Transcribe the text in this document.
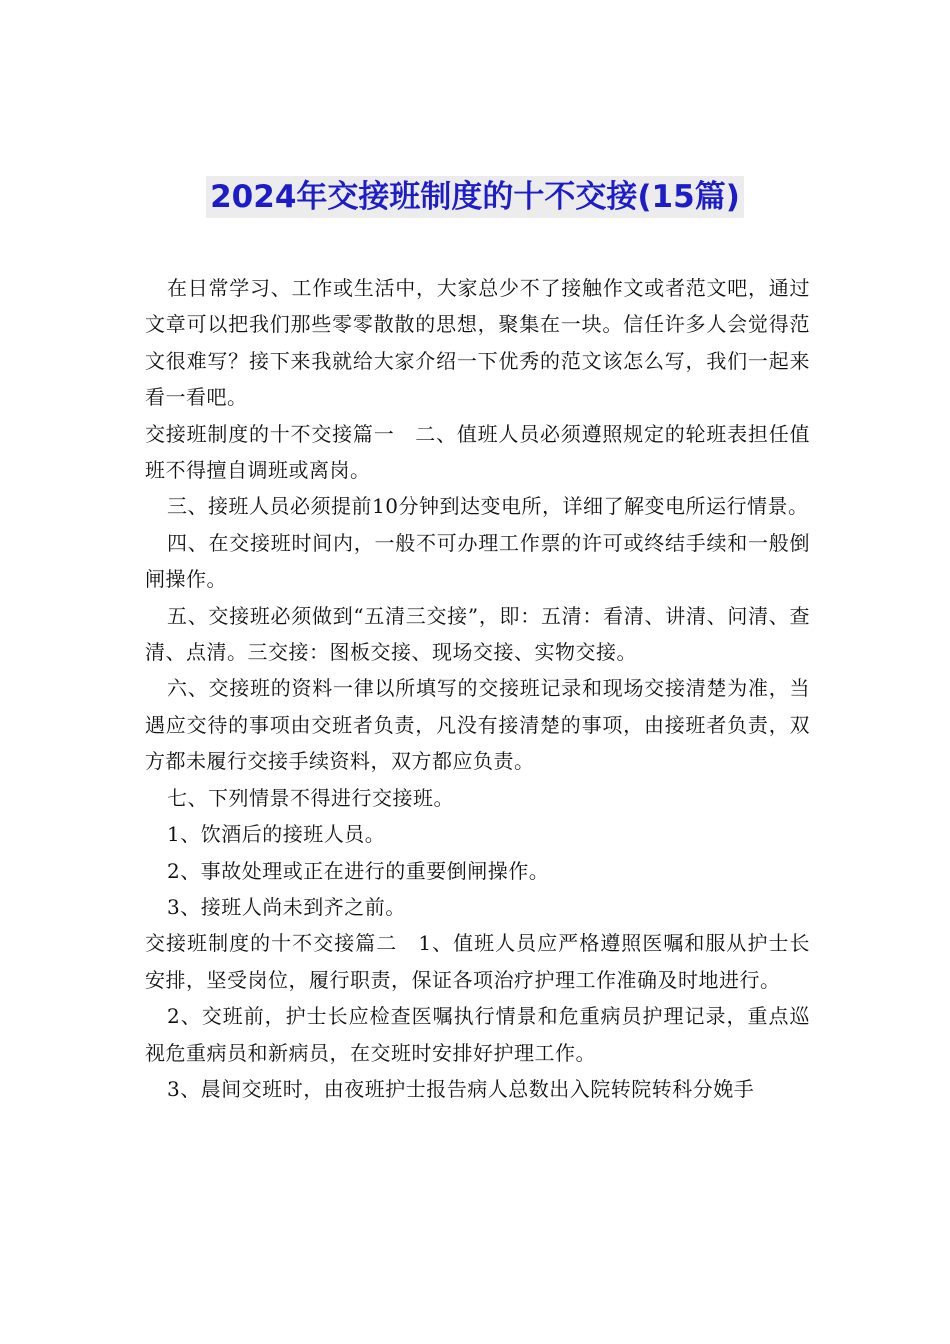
2024年交接班制度的十不交接(15篇)

在日常学习、工作或生活中，大家总少不了接触作文或者范文吧，通过文章可以把我们那些零零散散的思想，聚集在一块。信任许多人会觉得范文很难写？接下来我就给大家介绍一下优秀的范文该怎么写，我们一起来看一看吧。

交接班制度的十不交接篇一　二、值班人员必须遵照规定的轮班表担任值班不得擅自调班或离岗。

三、接班人员必须提前10分钟到达变电所，详细了解变电所运行情景。

四、在交接班时间内，一般不可办理工作票的许可或终结手续和一般倒闸操作。

五、交接班必须做到“五清三交接”，即：五清：看清、讲清、问清、查清、点清。三交接：图板交接、现场交接、实物交接。

六、交接班的资料一律以所填写的交接班记录和现场交接清楚为准，当遇应交待的事项由交班者负责，凡没有接清楚的事项，由接班者负责，双方都未履行交接手续资料，双方都应负责。

七、下列情景不得进行交接班。

1、饮酒后的接班人员。

2、事故处理或正在进行的重要倒闸操作。

3、接班人尚未到齐之前。

交接班制度的十不交接篇二　1、值班人员应严格遵照医嘱和服从护士长安排，坚受岗位，履行职责，保证各项治疗护理工作准确及时地进行。

2、交班前，护士长应检查医嘱执行情景和危重病员护理记录，重点巡视危重病员和新病员，在交班时安排好护理工作。

3、晨间交班时，由夜班护士报告病人总数出入院转院转科分娩手
